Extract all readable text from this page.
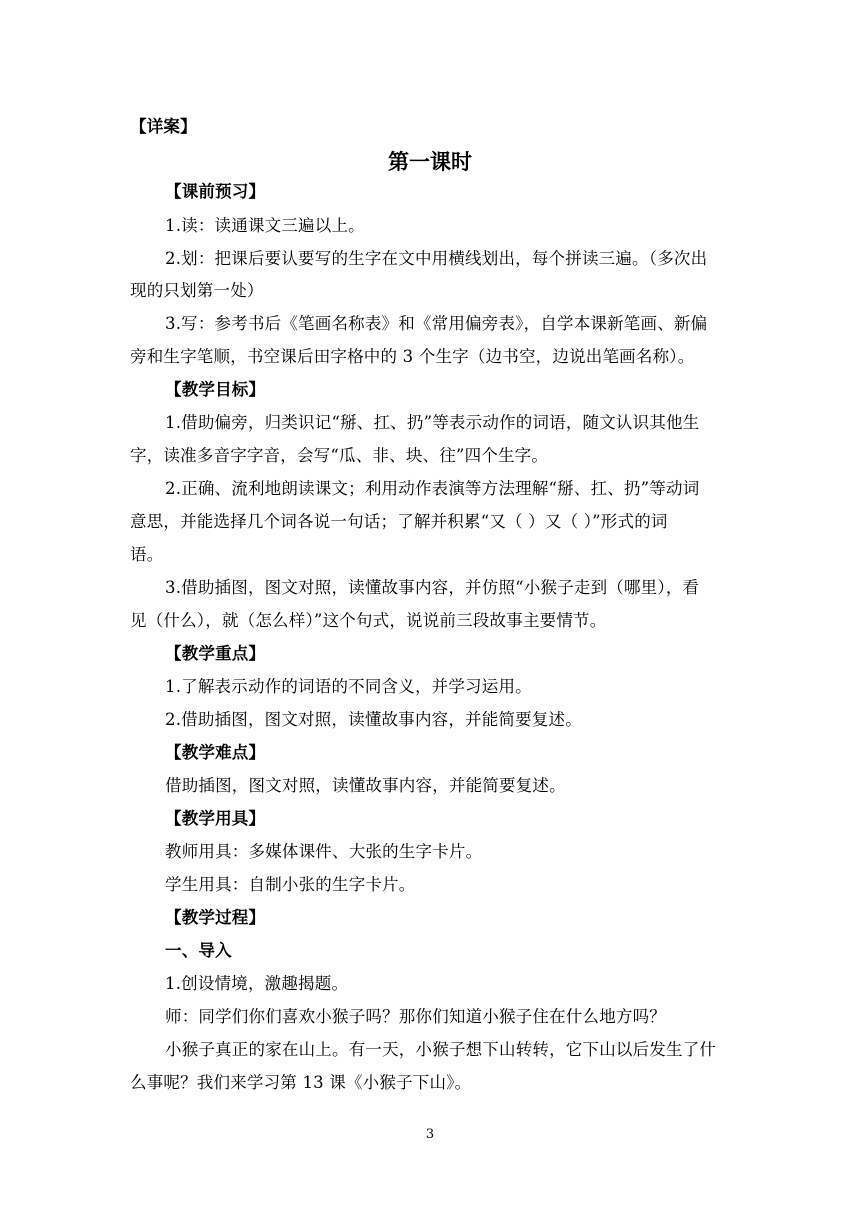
【详案】
第一课时
【课前预习】
1.读：读通课文三遍以上。
2.划：把课后要认要写的生字在文中用横线划出，每个拼读三遍。（多次出
现的只划第一处）
3.写：参考书后《笔画名称表》和《常用偏旁表》，自学本课新笔画、新偏
旁和生字笔顺，书空课后田字格中的 3 个生字（边书空，边说出笔画名称）。
【教学目标】
1.借助偏旁，归类识记“掰、扛、扔”等表示动作的词语，随文认识其他生
字，读准多音字字音，会写“瓜、非、块、往”四个生字。
2.正确、流利地朗读课文；利用动作表演等方法理解“掰、扛、扔”等动词
意思，并能选择几个词各说一句话；了解并积累“又（ ）又（ ）”形式的词
语。
3.借助插图，图文对照，读懂故事内容，并仿照“小猴子走到（哪里），看
见（什么），就（怎么样）”这个句式，说说前三段故事主要情节。
【教学重点】
1.了解表示动作的词语的不同含义，并学习运用。
2.借助插图，图文对照，读懂故事内容，并能简要复述。
【教学难点】
借助插图，图文对照，读懂故事内容，并能简要复述。
【教学用具】
教师用具：多媒体课件、大张的生字卡片。
学生用具：自制小张的生字卡片。
【教学过程】
一、导入
1.创设情境，激趣揭题。
师：同学们你们喜欢小猴子吗？那你们知道小猴子住在什么地方吗？
小猴子真正的家在山上。有一天，小猴子想下山转转，它下山以后发生了什
么事呢？我们来学习第 13 课《小猴子下山》。
3
